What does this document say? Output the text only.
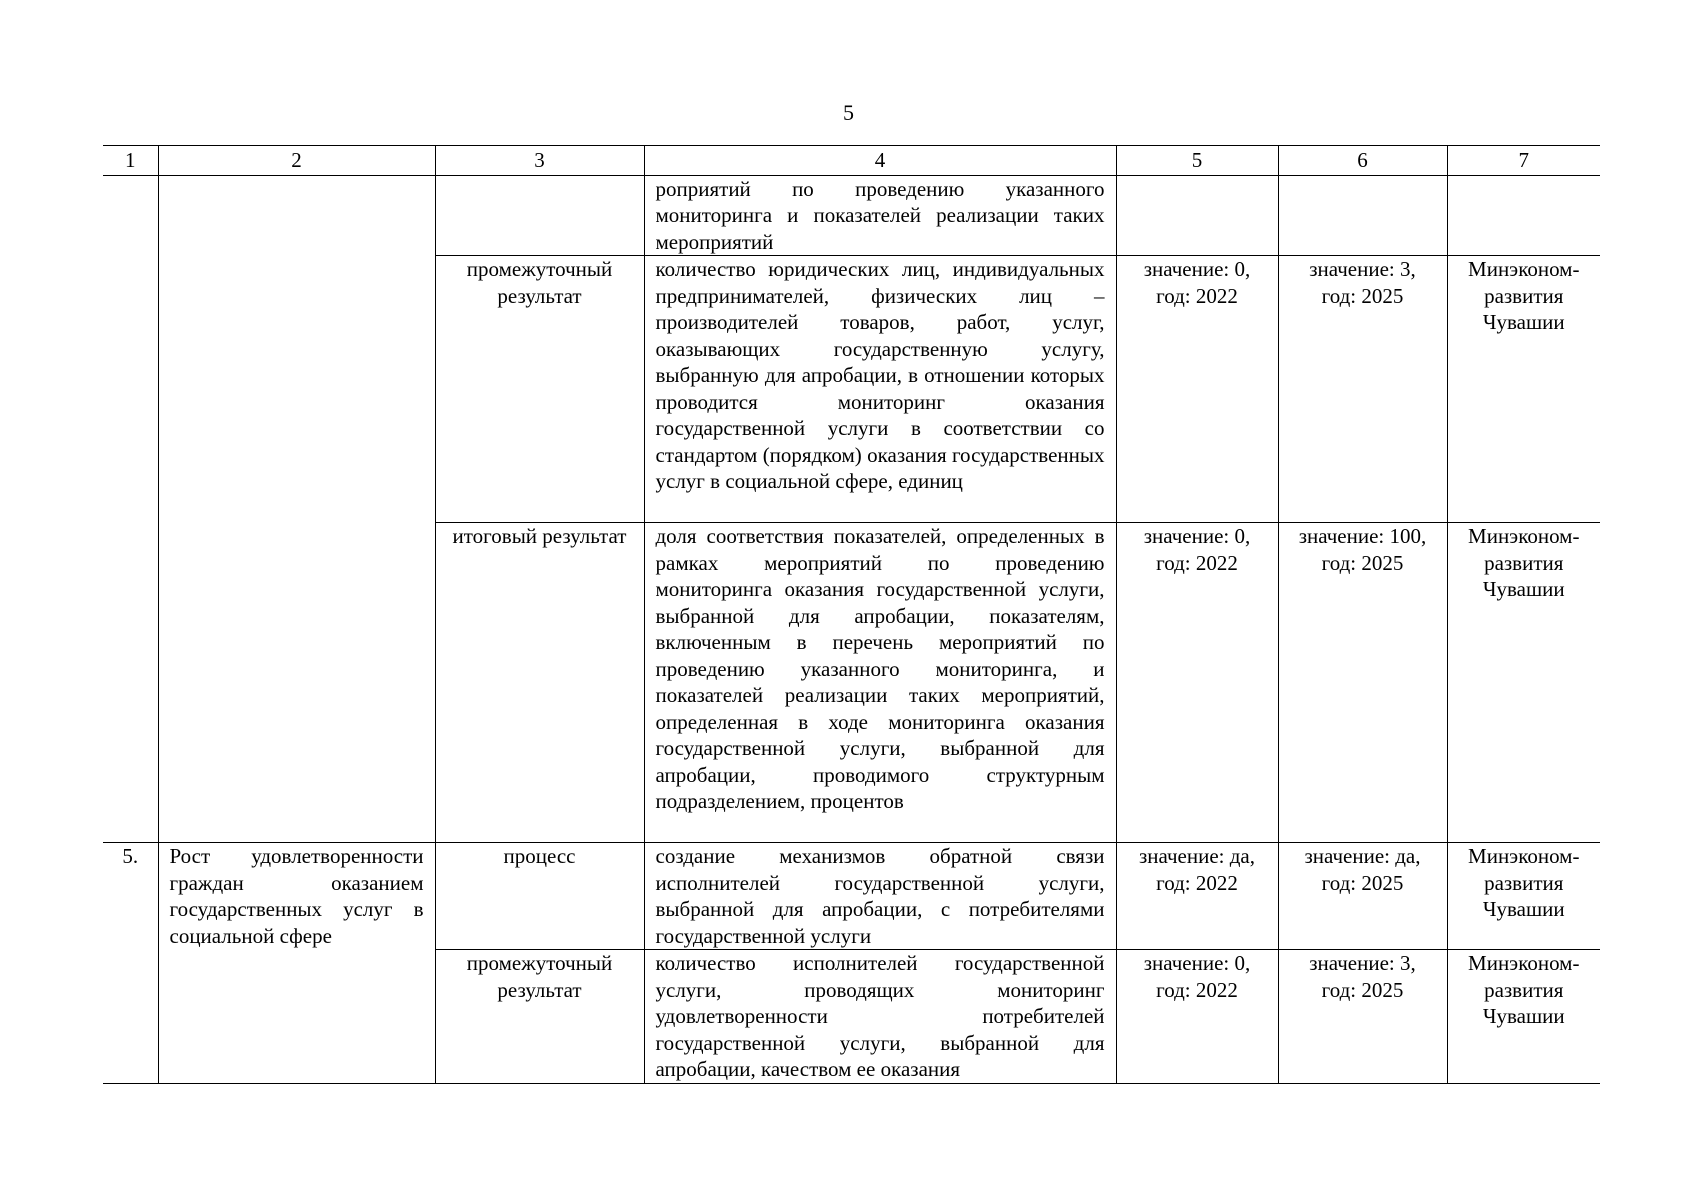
5
1	2	3	4	5	6	7
			роприятий по проведению указанного мониторинга и показателей реализации таких мероприятий			
		промежуточный результат	количество юридических лиц, индивидуальных предпринимателей, физических лиц – производителей товаров, работ, услуг, оказывающих государственную услугу, выбранную для апробации, в отношении которых проводится мониторинг оказания государственной услуги в соответствии со стандартом (порядком) оказания государственных услуг в социальной сфере, единиц	значение: 0, год: 2022	значение: 3, год: 2025	Минэконом-развития Чувашии
		итоговый результат	доля соответствия показателей, определенных в рамках мероприятий по проведению мониторинга оказания государственной услуги, выбранной для апробации, показателям, включенным в перечень мероприятий по проведению указанного мониторинга, и показателей реализации таких мероприятий, определенная в ходе мониторинга оказания государственной услуги, выбранной для апробации, проводимого структурным подразделением, процентов	значение: 0, год: 2022	значение: 100, год: 2025	Минэконом-развития Чувашии
5.	Рост удовлетворенности граждан оказанием государственных услуг в социальной сфере	процесс	создание механизмов обратной связи исполнителей государственной услуги, выбранной для апробации, с потребителями государственной услуги	значение: да, год: 2022	значение: да, год: 2025	Минэконом-развития Чувашии
		промежуточный результат	количество исполнителей государственной услуги, проводящих мониторинг удовлетворенности потребителей государственной услуги, выбранной для апробации, качеством ее оказания	значение: 0, год: 2022	значение: 3, год: 2025	Минэконом-развития Чувашии
